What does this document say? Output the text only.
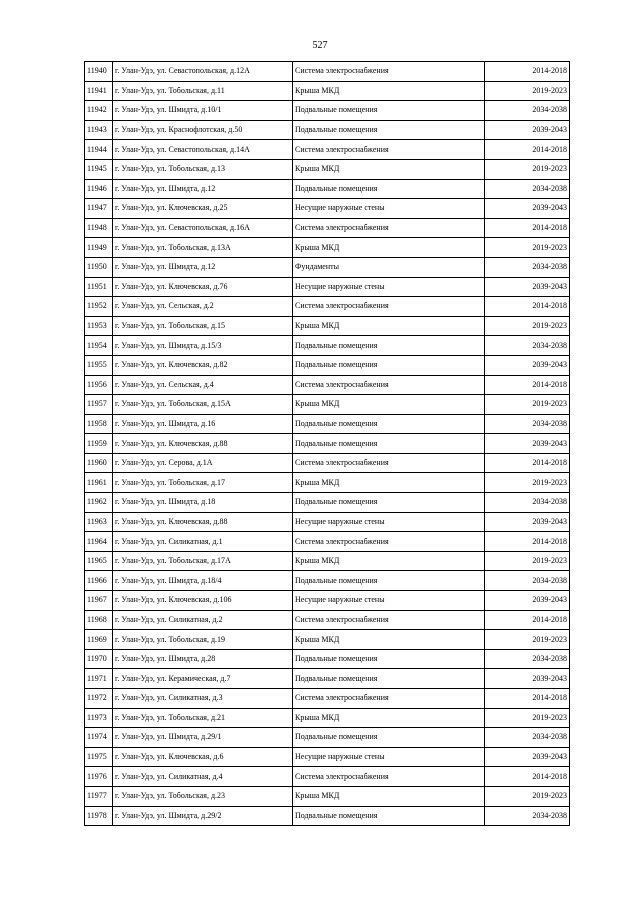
527
11940	г. Улан-Удэ, ул. Севастопольская, д.12А	Система электроснабжения	2014-2018
11941	г. Улан-Удэ, ул. Тобольская, д.11	Крыша МКД	2019-2023
11942	г. Улан-Удэ, ул. Шмидта, д.10/1	Подвальные помещения	2034-2038
11943	г. Улан-Удэ, ул. Краснофлотская, д.50	Подвальные помещения	2039-2043
11944	г. Улан-Удэ, ул. Севастопольская, д.14А	Система электроснабжения	2014-2018
11945	г. Улан-Удэ, ул. Тобольская, д.13	Крыша МКД	2019-2023
11946	г. Улан-Удэ, ул. Шмидта, д.12	Подвальные помещения	2034-2038
11947	г. Улан-Удэ, ул. Ключевская, д.25	Несущие наружные стены	2039-2043
11948	г. Улан-Удэ, ул. Севастопольская, д.16А	Система электроснабжения	2014-2018
11949	г. Улан-Удэ, ул. Тобольская, д.13А	Крыша МКД	2019-2023
11950	г. Улан-Удэ, ул. Шмидта, д.12	Фундаменты	2034-2038
11951	г. Улан-Удэ, ул. Ключевская, д.76	Несущие наружные стены	2039-2043
11952	г. Улан-Удэ, ул. Сельская, д.2	Система электроснабжения	2014-2018
11953	г. Улан-Удэ, ул. Тобольская, д.15	Крыша МКД	2019-2023
11954	г. Улан-Удэ, ул. Шмидта, д.15/3	Подвальные помещения	2034-2038
11955	г. Улан-Удэ, ул. Ключевская, д.82	Подвальные помещения	2039-2043
11956	г. Улан-Удэ, ул. Сельская, д.4	Система электроснабжения	2014-2018
11957	г. Улан-Удэ, ул. Тобольская, д.15А	Крыша МКД	2019-2023
11958	г. Улан-Удэ, ул. Шмидта, д.16	Подвальные помещения	2034-2038
11959	г. Улан-Удэ, ул. Ключевская, д.88	Подвальные помещения	2039-2043
11960	г. Улан-Удэ, ул. Серова, д.1А	Система электроснабжения	2014-2018
11961	г. Улан-Удэ, ул. Тобольская, д.17	Крыша МКД	2019-2023
11962	г. Улан-Удэ, ул. Шмидта, д.18	Подвальные помещения	2034-2038
11963	г. Улан-Удэ, ул. Ключевская, д.88	Несущие наружные стены	2039-2043
11964	г. Улан-Удэ, ул. Силикатная, д.1	Система электроснабжения	2014-2018
11965	г. Улан-Удэ, ул. Тобольская, д.17А	Крыша МКД	2019-2023
11966	г. Улан-Удэ, ул. Шмидта, д.18/4	Подвальные помещения	2034-2038
11967	г. Улан-Удэ, ул. Ключевская, д.106	Несущие наружные стены	2039-2043
11968	г. Улан-Удэ, ул. Силикатная, д.2	Система электроснабжения	2014-2018
11969	г. Улан-Удэ, ул. Тобольская, д.19	Крыша МКД	2019-2023
11970	г. Улан-Удэ, ул. Шмидта, д.28	Подвальные помещения	2034-2038
11971	г. Улан-Удэ, ул. Керамическая, д.7	Подвальные помещения	2039-2043
11972	г. Улан-Удэ, ул. Силикатная, д.3	Система электроснабжения	2014-2018
11973	г. Улан-Удэ, ул. Тобольская, д.21	Крыша МКД	2019-2023
11974	г. Улан-Удэ, ул. Шмидта, д.29/1	Подвальные помещения	2034-2038
11975	г. Улан-Удэ, ул. Ключевская, д.6	Несущие наружные стены	2039-2043
11976	г. Улан-Удэ, ул. Силикатная, д.4	Система электроснабжения	2014-2018
11977	г. Улан-Удэ, ул. Тобольская, д.23	Крыша МКД	2019-2023
11978	г. Улан-Удэ, ул. Шмидта, д.29/2	Подвальные помещения	2034-2038
